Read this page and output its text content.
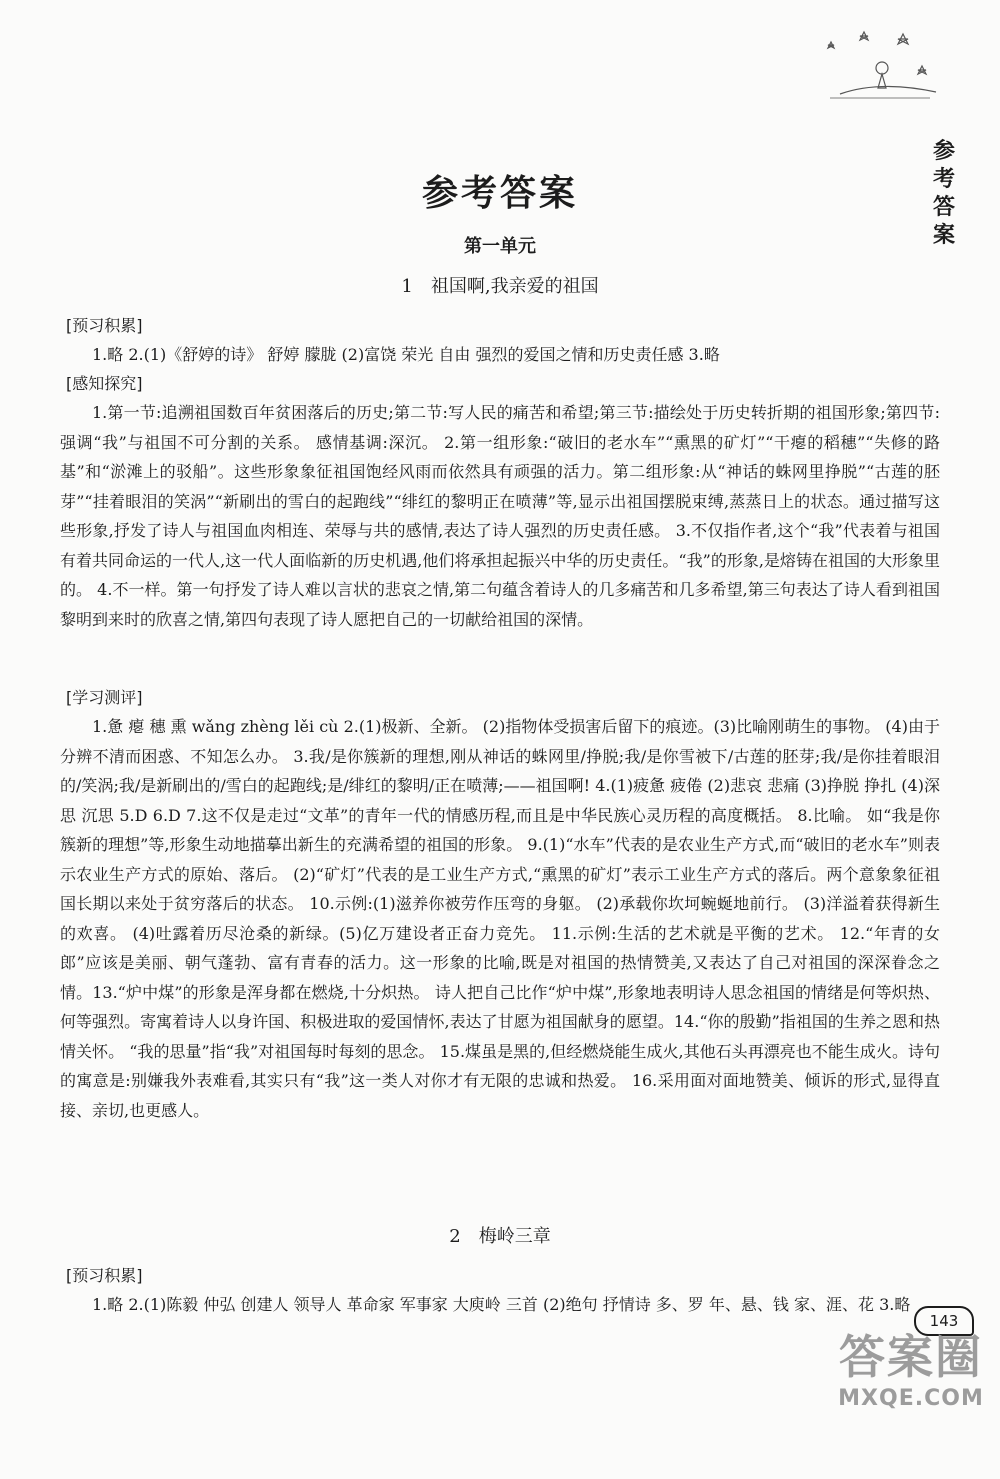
参
考
答
案
参考答案
第一单元
1 祖国啊,我亲爱的祖国
[预习积累]

1.略 2.(1)《舒婷的诗》 舒婷 朦胧 (2)富饶 荣光 自由 强烈的爱国之情和历史责任感 3.略

[感知探究]

1.第一节:追溯祖国数百年贫困落后的历史;第二节:写人民的痛苦和希望;第三节:描绘处于历史转折期的祖国形象;第四节:强调“我”与祖国不可分割的关系。 感情基调:深沉。 2.第一组形象:“破旧的老水车”“熏黑的矿灯”“干瘪的稻穗”“失修的路基”和“淤滩上的驳船”。这些形象象征祖国饱经风雨而依然具有顽强的活力。第二组形象:从“神话的蛛网里挣脱”“古莲的胚芽”“挂着眼泪的笑涡”“新刷出的雪白的起跑线”“绯红的黎明正在喷薄”等,显示出祖国摆脱束缚,蒸蒸日上的状态。通过描写这些形象,抒发了诗人与祖国血肉相连、荣辱与共的感情,表达了诗人强烈的历史责任感。 3.不仅指作者,这个“我”代表着与祖国有着共同命运的一代人,这一代人面临新的历史机遇,他们将承担起振兴中华的历史责任。“我”的形象,是熔铸在祖国的大形象里的。 4.不一样。第一句抒发了诗人难以言状的悲哀之情,第二句蕴含着诗人的几多痛苦和几多希望,第三句表达了诗人看到祖国黎明到来时的欣喜之情,第四句表现了诗人愿把自己的一切献给祖国的深情。

[学习测评]

1.惫 瘪 穗 熏 wǎng zhèng lěi cù 2.(1)极新、全新。 (2)指物体受损害后留下的痕迹。(3)比喻刚萌生的事物。 (4)由于分辨不清而困惑、不知怎么办。 3.我/是你簇新的理想,刚从神话的蛛网里/挣脱;我/是你雪被下/古莲的胚芽;我/是你挂着眼泪的/笑涡;我/是新刷出的/雪白的起跑线;是/绯红的黎明/正在喷薄;——祖国啊! 4.(1)疲惫 疲倦 (2)悲哀 悲痛 (3)挣脱 挣扎 (4)深思 沉思 5.D 6.D 7.这不仅是走过“文革”的青年一代的情感历程,而且是中华民族心灵历程的高度概括。 8.比喻。 如“我是你簇新的理想”等,形象生动地描摹出新生的充满希望的祖国的形象。 9.(1)“水车”代表的是农业生产方式,而“破旧的老水车”则表示农业生产方式的原始、落后。 (2)“矿灯”代表的是工业生产方式,“熏黑的矿灯”表示工业生产方式的落后。两个意象象征祖国长期以来处于贫穷落后的状态。 10.示例:(1)滋养你被劳作压弯的身躯。 (2)承载你坎坷蜿蜒地前行。 (3)洋溢着获得新生的欢喜。 (4)吐露着历尽沧桑的新绿。(5)亿万建设者正奋力竞先。 11.示例:生活的艺术就是平衡的艺术。 12.“年青的女郎”应该是美丽、朝气蓬勃、富有青春的活力。这一形象的比喻,既是对祖国的热情赞美,又表达了自己对祖国的深深眷念之情。13.“炉中煤”的形象是浑身都在燃烧,十分炽热。 诗人把自己比作“炉中煤”,形象地表明诗人思念祖国的情绪是何等炽热、何等强烈。寄寓着诗人以身许国、积极进取的爱国情怀,表达了甘愿为祖国献身的愿望。14.“你的殷勤”指祖国的生养之恩和热情关怀。 “我的思量”指“我”对祖国每时每刻的思念。 15.煤虽是黑的,但经燃烧能生成火,其他石头再漂亮也不能生成火。诗句的寓意是:别嫌我外表难看,其实只有“我”这一类人对你才有无限的忠诚和热爱。 16.采用面对面地赞美、倾诉的形式,显得直接、亲切,也更感人。

2 梅岭三章
[预习积累]

1.略 2.(1)陈毅 仲弘 创建人 领导人 革命家 军事家 大庾岭 三首 (2)绝句 抒情诗 多、罗 年、悬、钱 家、涯、花 3.略

143
答案圈
MXQE.COM
